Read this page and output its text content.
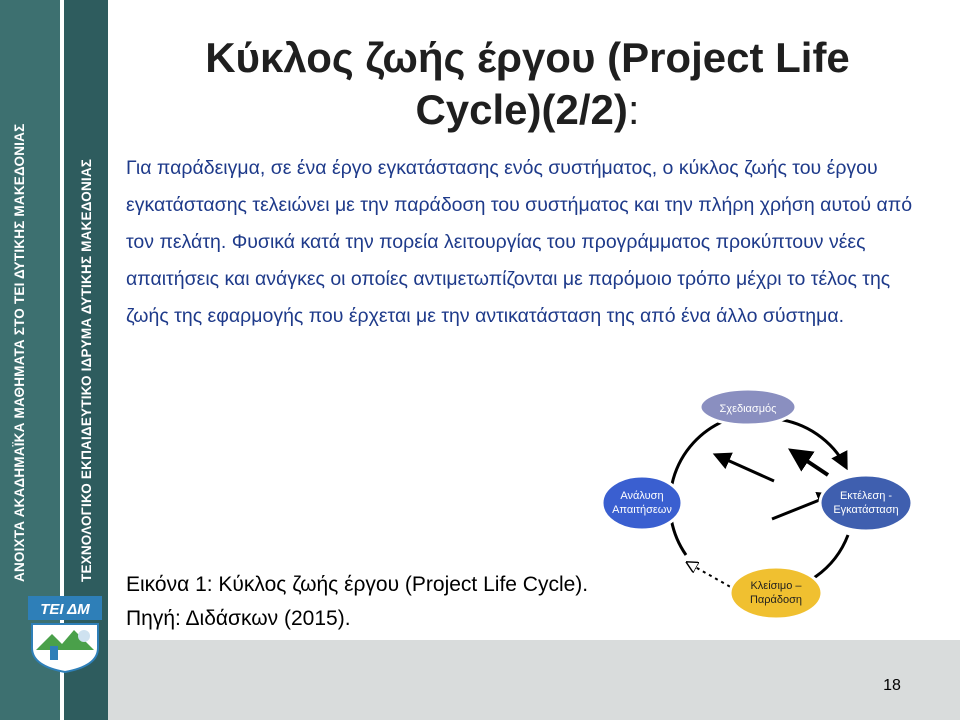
ΑΝΟΙΧΤΑ ΑΚΑΔΗΜΑΪΚΑ ΜΑΘΗΜΑΤΑ ΣΤΟ ΤΕΙ ΔΥΤΙΚΗΣ ΜΑΚΕΔΟΝΙΑΣ	ΤΕΧΝΟΛΟΓΙΚΟ ΕΚΠΑΙΔΕΥΤΙΚΟ ΙΔΡΥΜΑ ΔΥΤΙΚΗΣ ΜΑΚΕΔΟΝΙΑΣ
ΤΕΙ ΔΜ
18
Κύκλος ζωής έργου (Project Life
Cycle)(2/2):

Για παράδειγμα, σε ένα έργο εγκατάστασης ενός συστήματος, ο κύκλος ζωής του έργου εγκατάστασης τελειώνει με την παράδοση του συστήματος και την πλήρη χρήση αυτού από τον πελάτη. Φυσικά κατά την πορεία λειτουργίας του προγράμματος προκύπτουν νέες απαιτήσεις και ανάγκες οι οποίες αντιμετωπίζονται με παρόμοιο τρόπο μέχρι το τέλος της ζωής της εφαρμογής που έρχεται με την αντικατάσταση της από ένα άλλο σύστημα.

Σχεδιασμός
Ανάλυση
Απαιτήσεων
Εκτέλεση -
Εγκατάσταση
Κλείσιμο –
Παράδοση
Εικόνα 1: Κύκλος ζωής έργου (Project Life Cycle).
Πηγή: Διδάσκων (2015).
